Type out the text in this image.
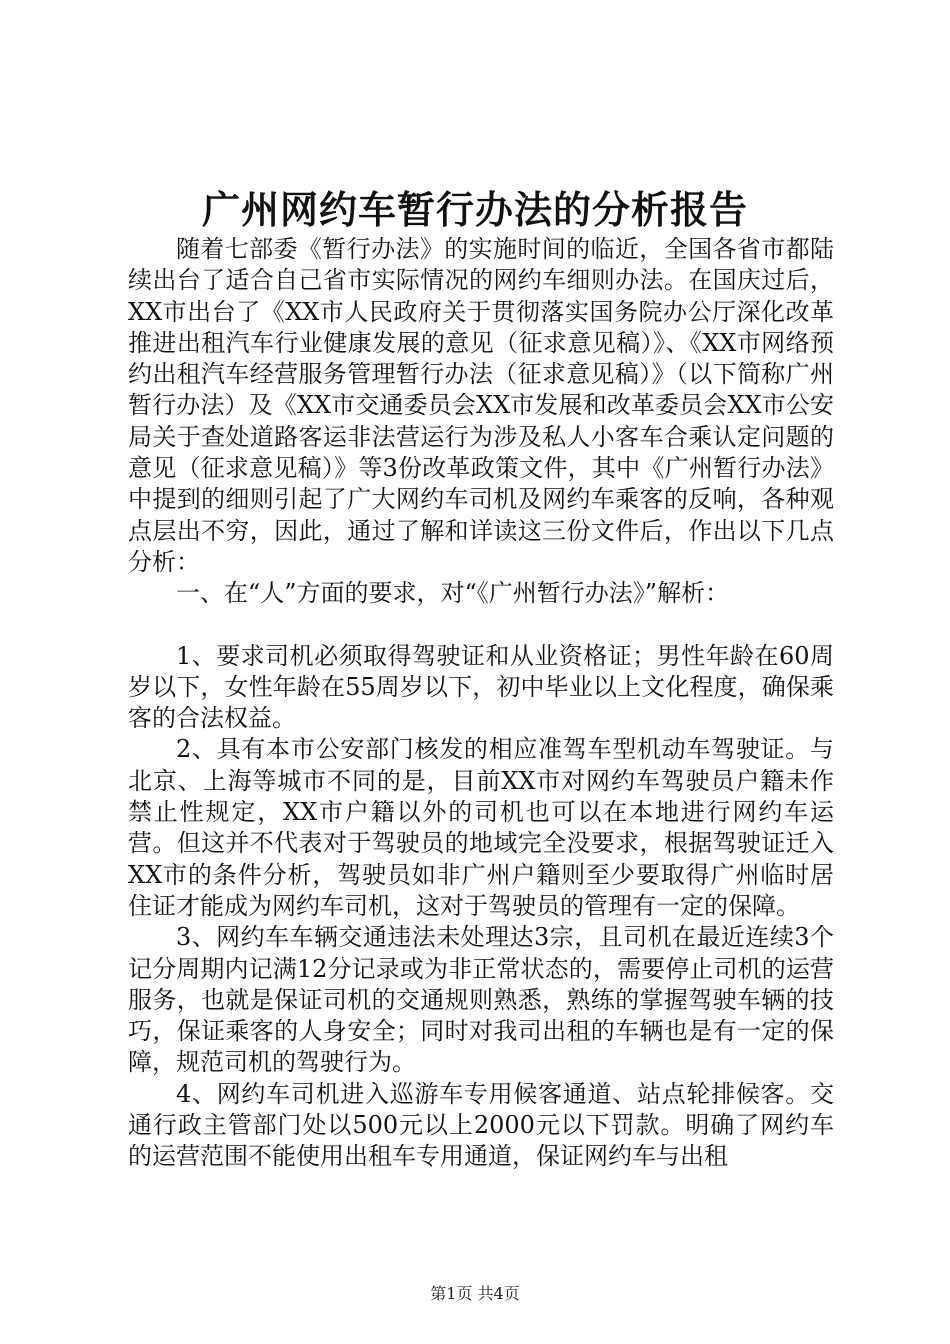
广州网约车暂行办法的分析报告

随着七部委《暂行办法》的实施时间的临近，全国各省市都陆续出台了适合自己省市实际情况的网约车细则办法。在国庆过后，XX市出台了《XX市人民政府关于贯彻落实国务院办公厅深化改革推进出租汽车行业健康发展的意见（征求意见稿）》、《XX市网络预约出租汽车经营服务管理暂行办法（征求意见稿）》（以下简称广州暂行办法）及《XX市交通委员会XX市发展和改革委员会XX市公安局关于查处道路客运非法营运行为涉及私人小客车合乘认定问题的意见（征求意见稿）》等3份改革政策文件，其中《广州暂行办法》中提到的细则引起了广大网约车司机及网约车乘客的反响，各种观点层出不穷，因此，通过了解和详读这三份文件后，作出以下几点分析：

一、在“人”方面的要求，对“《广州暂行办法》”解析：

1、要求司机必须取得驾驶证和从业资格证；男性年龄在60周岁以下，女性年龄在55周岁以下，初中毕业以上文化程度，确保乘客的合法权益。

2、具有本市公安部门核发的相应准驾车型机动车驾驶证。与北京、上海等城市不同的是，目前XX市对网约车驾驶员户籍未作禁止性规定，XX市户籍以外的司机也可以在本地进行网约车运营。但这并不代表对于驾驶员的地域完全没要求，根据驾驶证迁入XX市的条件分析，驾驶员如非广州户籍则至少要取得广州临时居住证才能成为网约车司机，这对于驾驶员的管理有一定的保障。

3、网约车车辆交通违法未处理达3宗，且司机在最近连续3个记分周期内记满12分记录或为非正常状态的，需要停止司机的运营服务，也就是保证司机的交通规则熟悉，熟练的掌握驾驶车辆的技巧，保证乘客的人身安全；同时对我司出租的车辆也是有一定的保障，规范司机的驾驶行为。

4、网约车司机进入巡游车专用候客通道、站点轮排候客。交通行政主管部门处以500元以上2000元以下罚款。明确了网约车的运营范围不能使用出租车专用通道，保证网约车与出租

第1页 共4页
